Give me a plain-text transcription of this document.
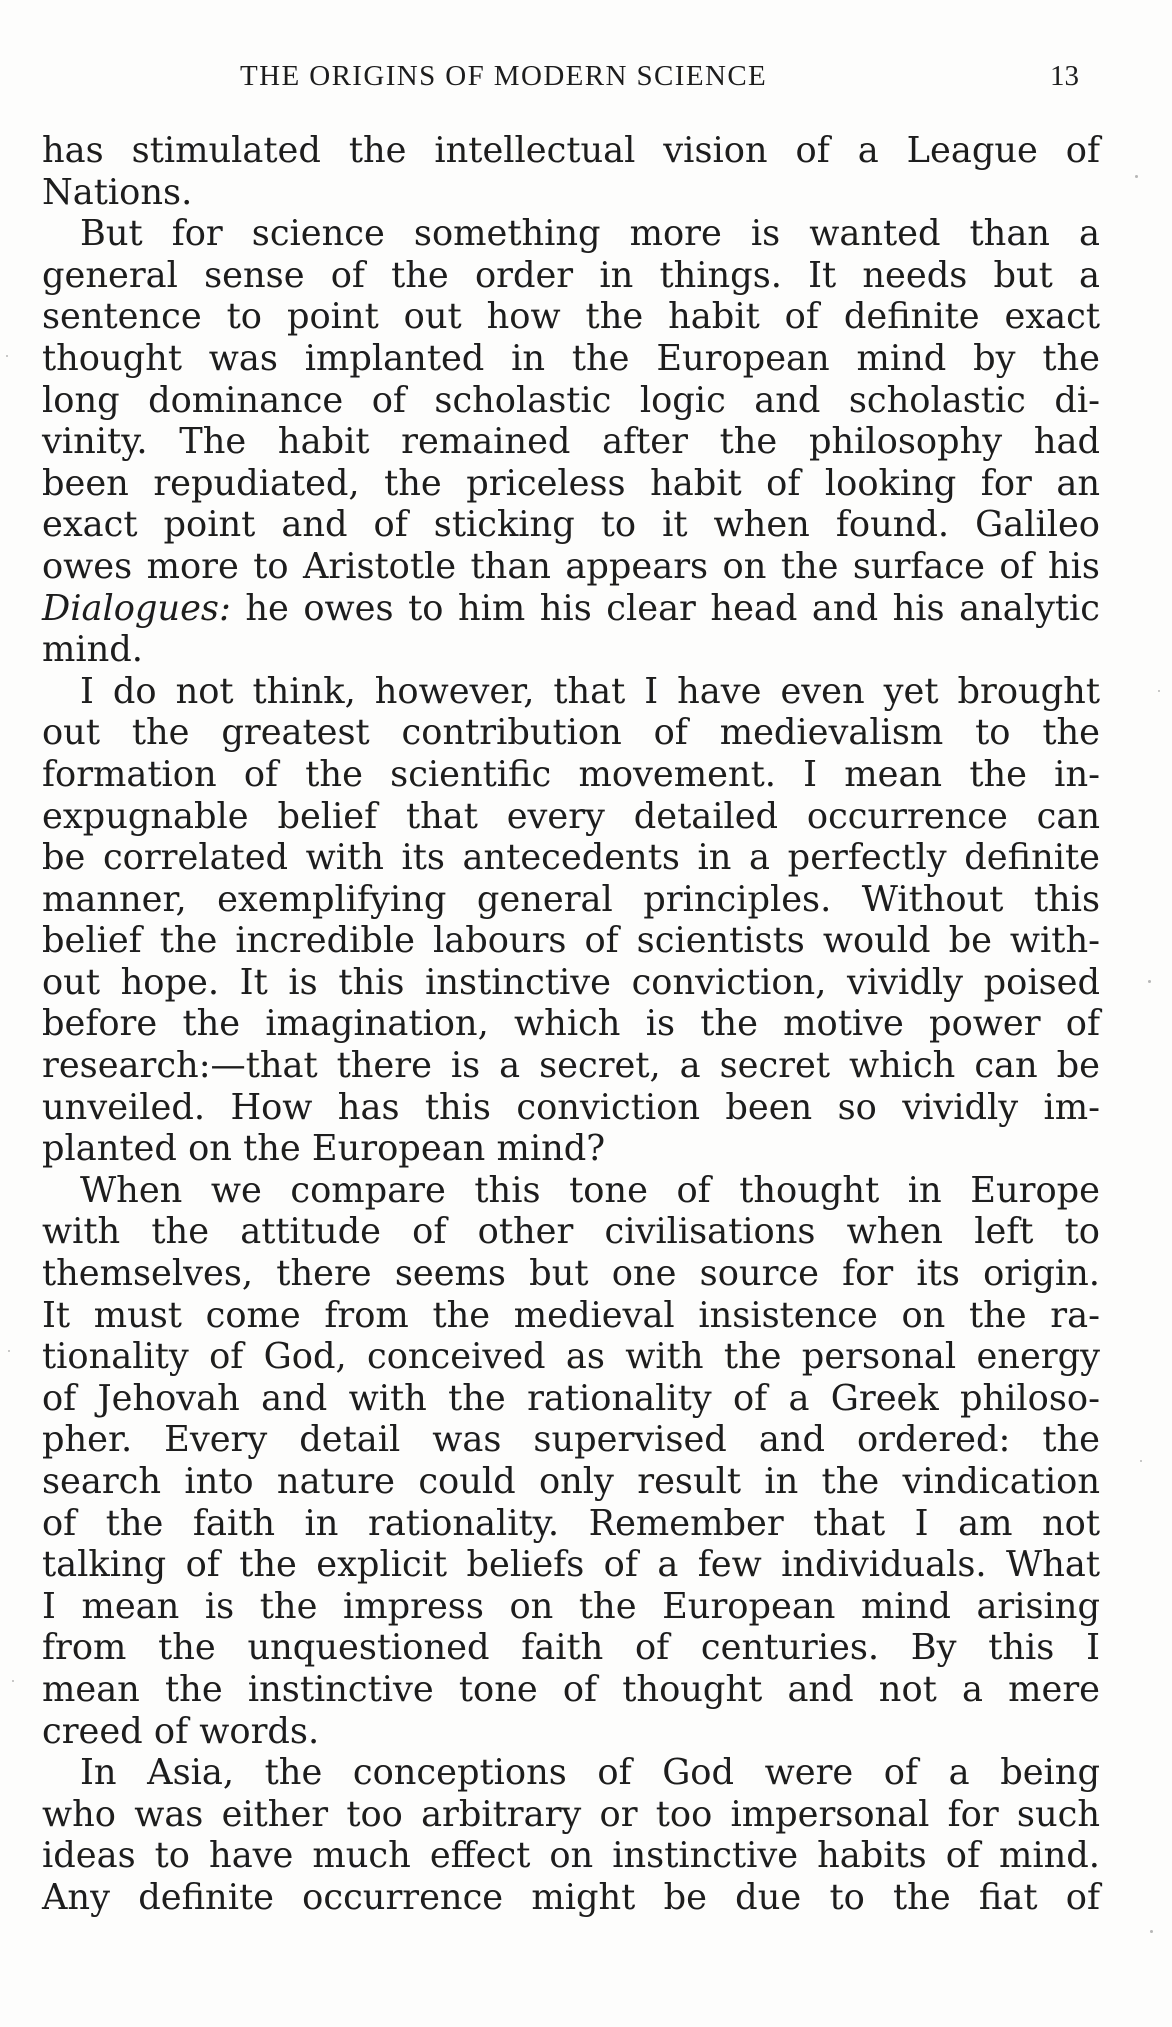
THE ORIGINS OF MODERN SCIENCE	13
has stimulated the intellectual vision of a League of
Nations.
But for science something more is wanted than a
general sense of the order in things. It needs but a
sentence to point out how the habit of definite exact
thought was implanted in the European mind by the
long dominance of scholastic logic and scholastic di-
vinity. The habit remained after the philosophy had
been repudiated, the priceless habit of looking for an
exact point and of sticking to it when found. Galileo
owes more to Aristotle than appears on the surface of his
Dialogues: he owes to him his clear head and his analytic
mind.
I do not think, however, that I have even yet brought
out the greatest contribution of medievalism to the
formation of the scientific movement. I mean the in-
expugnable belief that every detailed occurrence can
be correlated with its antecedents in a perfectly definite
manner, exemplifying general principles. Without this
belief the incredible labours of scientists would be with-
out hope. It is this instinctive conviction, vividly poised
before the imagination, which is the motive power of
research:—that there is a secret, a secret which can be
unveiled. How has this conviction been so vividly im-
planted on the European mind?
When we compare this tone of thought in Europe
with the attitude of other civilisations when left to
themselves, there seems but one source for its origin.
It must come from the medieval insistence on the ra-
tionality of God, conceived as with the personal energy
of Jehovah and with the rationality of a Greek philoso-
pher. Every detail was supervised and ordered: the
search into nature could only result in the vindication
of the faith in rationality. Remember that I am not
talking of the explicit beliefs of a few individuals. What
I mean is the impress on the European mind arising
from the unquestioned faith of centuries. By this I
mean the instinctive tone of thought and not a mere
creed of words.
In Asia, the conceptions of God were of a being
who was either too arbitrary or too impersonal for such
ideas to have much effect on instinctive habits of mind.
Any definite occurrence might be due to the fiat of
